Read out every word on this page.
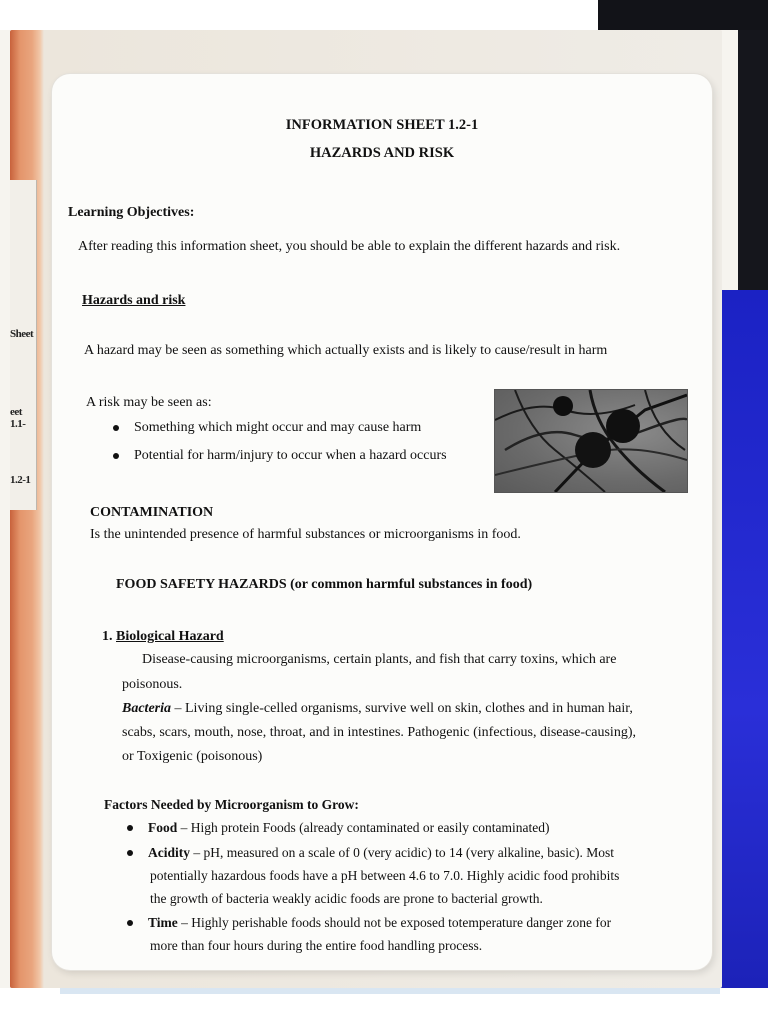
Sheet
eet 1.1-
1.2-1
INFORMATION SHEET 1.2-1
HAZARDS AND RISK
Learning Objectives:
After reading this information sheet, you should be able to explain the different hazards and risk.
Hazards and risk
A hazard may be seen as something which actually exists and is likely to cause/result in harm
A risk may be seen as:
Something which might occur and may cause harm
Potential for harm/injury to occur when a hazard occurs
CONTAMINATION
Is the unintended presence of harmful substances or microorganisms in food.
FOOD SAFETY HAZARDS (or common harmful substances in food)
1. Biological Hazard
Disease-causing microorganisms, certain plants, and fish that carry toxins, which are
poisonous.
Bacteria – Living single-celled organisms, survive well on skin, clothes and in human hair,
scabs, scars, mouth, nose, throat, and in intestines. Pathogenic (infectious, disease-causing),
or Toxigenic (poisonous)
Factors Needed by Microorganism to Grow:
Food – High protein Foods (already contaminated or easily contaminated)
Acidity – pH, measured on a scale of 0 (very acidic) to 14 (very alkaline, basic). Most
potentially hazardous foods have a pH between 4.6 to 7.0. Highly acidic food prohibits
the growth of bacteria weakly acidic foods are prone to bacterial growth.
Time – Highly perishable foods should not be exposed totemperature danger zone for
more than four hours during the entire food handling process.
